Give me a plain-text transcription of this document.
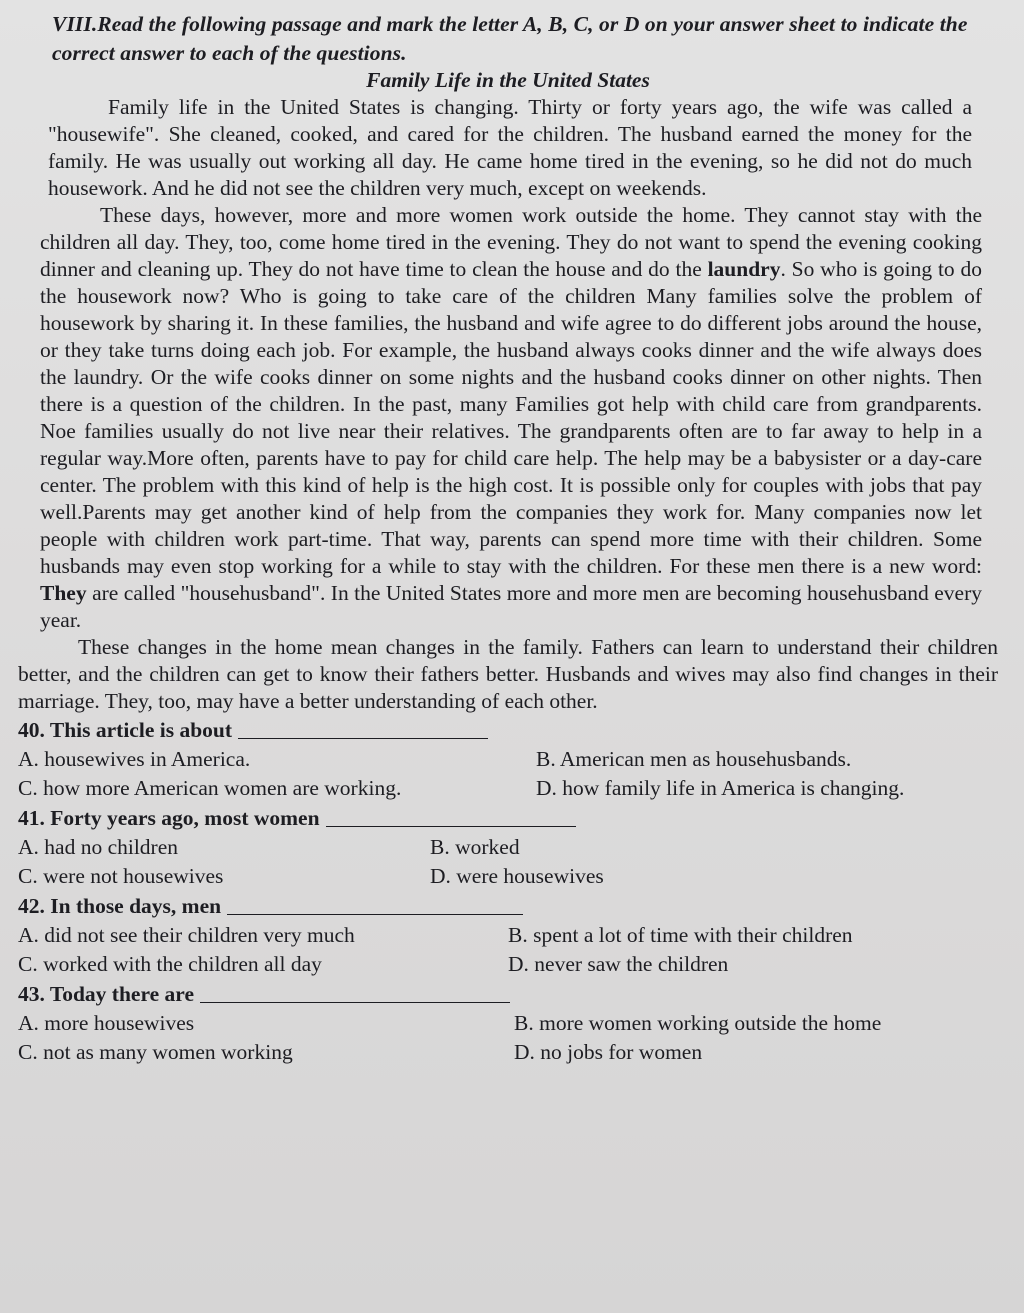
VIII.Read the following passage and mark the letter A, B, C, or D on your answer sheet to indicate the correct answer to each of the questions.
Family Life in the United States

Family life in the United States is changing. Thirty or forty years ago, the wife was called a "housewife". She cleaned, cooked, and cared for the children. The husband earned the money for the family. He was usually out working all day. He came home tired in the evening, so he did not do much housework. And he did not see the children very much, except on weekends.

These days, however, more and more women work outside the home. They cannot stay with the children all day. They, too, come home tired in the evening. They do not want to spend the evening cooking dinner and cleaning up. They do not have time to clean the house and do the laundry. So who is going to do the housework now? Who is going to take care of the children Many families solve the problem of housework by sharing it. In these families, the husband and wife agree to do different jobs around the house, or they take turns doing each job. For example, the husband always cooks dinner and the wife always does the laundry. Or the wife cooks dinner on some nights and the husband cooks dinner on other nights. Then there is a question of the children. In the past, many Families got help with child care from grandparents. Noe families usually do not live near their relatives. The grandparents often are to far away to help in a regular way.More often, parents have to pay for child care help. The help may be a babysister or a day-care center. The problem with this kind of help is the high cost. It is possible only for couples with jobs that pay well.Parents may get another kind of help from the companies they work for. Many companies now let people with children work part-time. That way, parents can spend more time with their children. Some husbands may even stop working for a while to stay with the children. For these men there is a new word: They are called "househusband". In the United States more and more men are becoming househusband every year.

These changes in the home mean changes in the family. Fathers can learn to understand their children better, and the children can get to know their fathers better. Husbands and wives may also find changes in their marriage. They, too, may have a better understanding of each other.

40. This article is about
A. housewives in America.	B. American men as househusbands.
C. how more American women are working.	D. how family life in America is changing.
41. Forty years ago, most women
A. had no children	B. worked
C. were not housewives	D. were housewives
42. In those days, men
A. did not see their children very much	B. spent a lot of time with their children
C. worked with the children all day	D. never saw the children
43. Today there are
A. more housewives	B. more women working outside the home
C. not as many women working	D. no jobs for women
